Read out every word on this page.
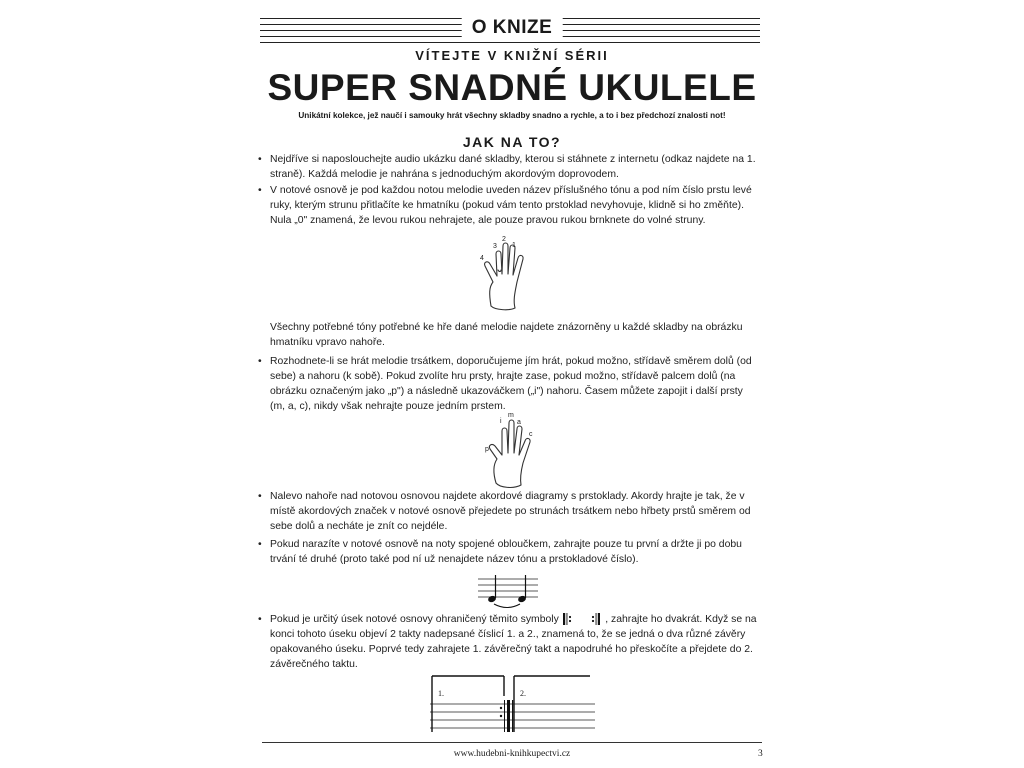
O KNIZE
VÍTEJTE V KNIŽNÍ SÉRII
SUPER SNADNÉ UKULELE
Unikátní kolekce, jež naučí i samouky hrát všechny skladby snadno a rychle, a to i bez předchozí znalosti not!
JAK NA TO?
• Nejdříve si naposlouchejte audio ukázku dané skladby, kterou si stáhnete z internetu (odkaz najdete na 1. straně). Každá melodie je nahrána s jednoduchým akordovým doprovodem.
• V notové osnově je pod každou notou melodie uveden název příslušného tónu a pod ním číslo prstu levé ruky, kterým strunu přitlačíte ke hmatníku (pokud vám tento prstoklad nevyhovuje, klidně si ho změňte). Nula „0" znamená, že levou rukou nehrajete, ale pouze pravou rukou brnknete do volné struny.
4
3
2
1
Všechny potřebné tóny potřebné ke hře dané melodie najdete znázorněny u každé skladby na obrázku hmatníku vpravo nahoře.
• Rozhodnete-li se hrát melodie trsátkem, doporučujeme jím hrát, pokud možno, střídavě směrem dolů (od sebe) a nahoru (k sobě). Pokud zvolíte hru prsty, hrajte zase, pokud možno, střídavě palcem dolů (na obrázku označeným jako „p") a následně ukazováčkem („i") nahoru. Časem můžete zapojit i další prsty (m, a, c), nikdy však nehrajte pouze jedním prstem.
p
i
m
a
c
• Nalevo nahoře nad notovou osnovou najdete akordové diagramy s prstoklady. Akordy hrajte je tak, že v místě akordových značek v notové osnově přejedete po strunách trsátkem nebo hřbety prstů směrem od sebe dolů a necháte je znít co nejdéle.
• Pokud narazíte v notové osnově na noty spojené obloučkem, zahrajte pouze tu první a držte ji po dobu trvání té druhé (proto také pod ní už nenajdete název tónu a prstokladové číslo).
• Pokud je určitý úsek notové osnovy ohraničený těmito symboly	, zahrajte ho dvakrát. Když se na konci tohoto úseku objeví 2 takty nadepsané číslicí 1. a 2., znamená to, že se jedná o dva různé závěry opakovaného úseku. Poprvé tedy zahrajete 1. závěrečný takt a napodruhé ho přeskočíte a přejdete do 2. závěrečného taktu.
1.	2.
www.hudebni-knihkupectvi.cz	3
